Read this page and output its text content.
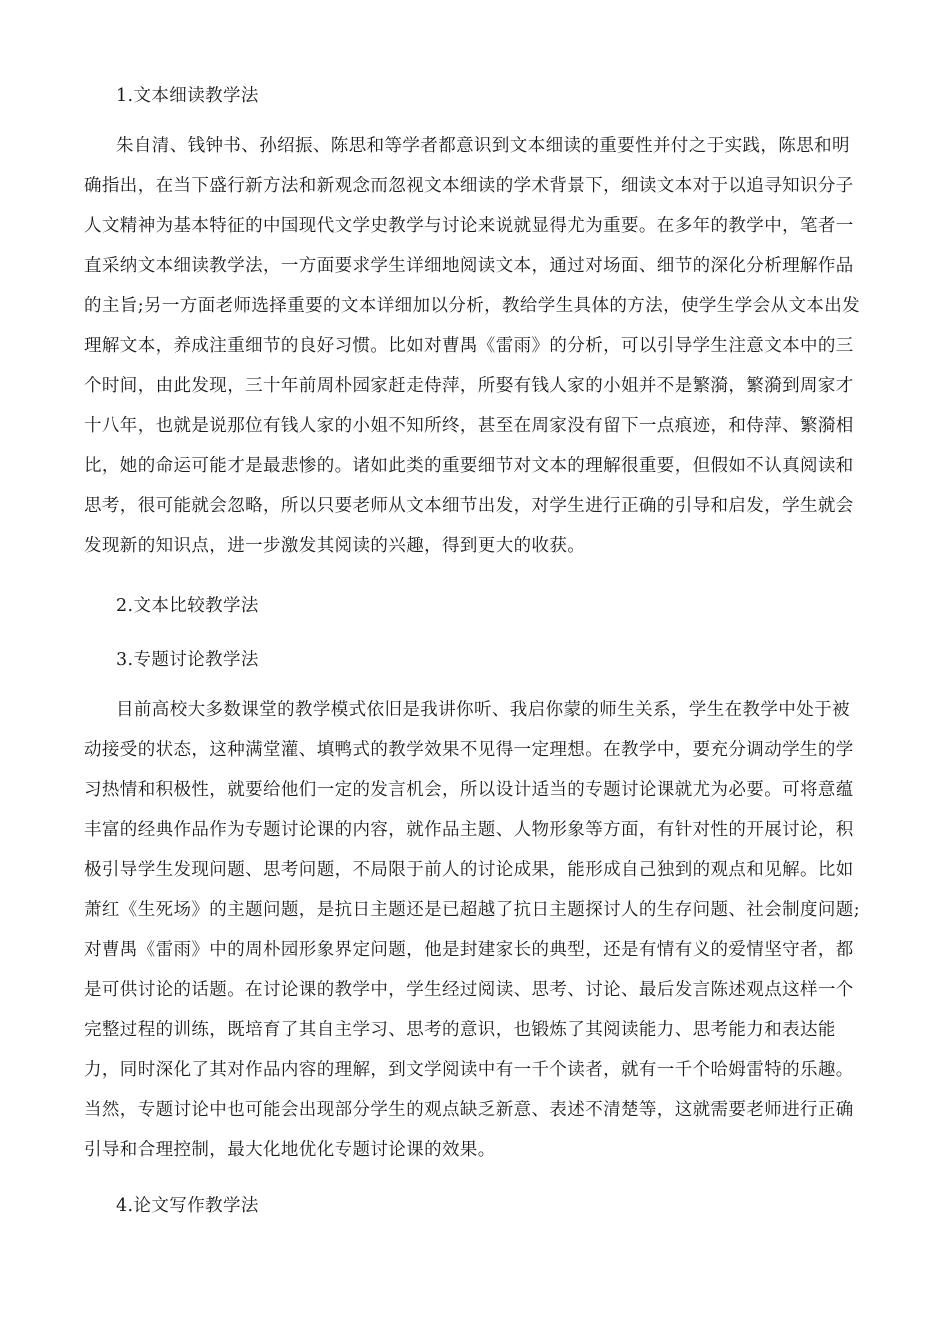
1.文本细读教学法
朱自清、钱钟书、孙绍振、陈思和等学者都意识到文本细读的重要性并付之于实践，陈思和明
确指出，在当下盛行新方法和新观念而忽视文本细读的学术背景下，细读文本对于以追寻知识分子
人文精神为基本特征的中国现代文学史教学与讨论来说就显得尤为重要。在多年的教学中，笔者一
直采纳文本细读教学法，一方面要求学生详细地阅读文本，通过对场面、细节的深化分析理解作品
的主旨;另一方面老师选择重要的文本详细加以分析，教给学生具体的方法，使学生学会从文本出发
理解文本，养成注重细节的良好习惯。比如对曹禺《雷雨》的分析，可以引导学生注意文本中的三
个时间，由此发现，三十年前周朴园家赶走侍萍，所娶有钱人家的小姐并不是繁漪，繁漪到周家才
十八年，也就是说那位有钱人家的小姐不知所终，甚至在周家没有留下一点痕迹，和侍萍、繁漪相
比，她的命运可能才是最悲惨的。诸如此类的重要细节对文本的理解很重要，但假如不认真阅读和
思考，很可能就会忽略，所以只要老师从文本细节出发，对学生进行正确的引导和启发，学生就会
发现新的知识点，进一步激发其阅读的兴趣，得到更大的收获。
2.文本比较教学法
3.专题讨论教学法
目前高校大多数课堂的教学模式依旧是我讲你听、我启你蒙的师生关系，学生在教学中处于被
动接受的状态，这种满堂灌、填鸭式的教学效果不见得一定理想。在教学中，要充分调动学生的学
习热情和积极性，就要给他们一定的发言机会，所以设计适当的专题讨论课就尤为必要。可将意蕴
丰富的经典作品作为专题讨论课的内容，就作品主题、人物形象等方面，有针对性的开展讨论，积
极引导学生发现问题、思考问题，不局限于前人的讨论成果，能形成自己独到的观点和见解。比如
萧红《生死场》的主题问题，是抗日主题还是已超越了抗日主题探讨人的生存问题、社会制度问题;
对曹禺《雷雨》中的周朴园形象界定问题，他是封建家长的典型，还是有情有义的爱情坚守者，都
是可供讨论的话题。在讨论课的教学中，学生经过阅读、思考、讨论、最后发言陈述观点这样一个
完整过程的训练，既培育了其自主学习、思考的意识，也锻炼了其阅读能力、思考能力和表达能
力，同时深化了其对作品内容的理解，到文学阅读中有一千个读者，就有一千个哈姆雷特的乐趣。
当然，专题讨论中也可能会出现部分学生的观点缺乏新意、表述不清楚等，这就需要老师进行正确
引导和合理控制，最大化地优化专题讨论课的效果。
4.论文写作教学法
